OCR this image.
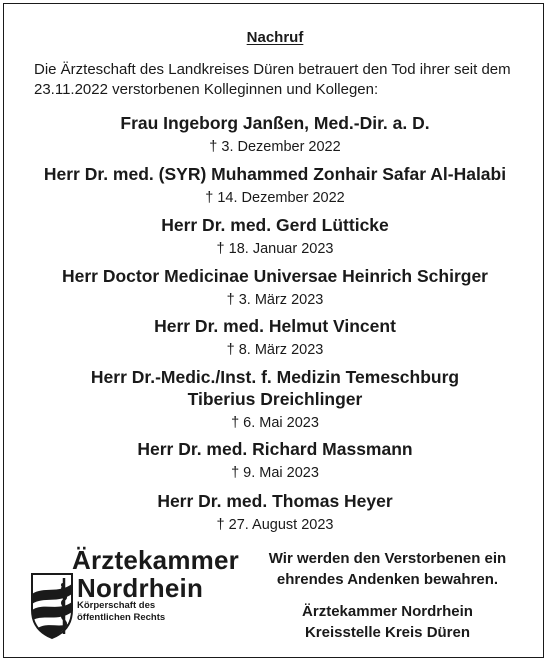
Nachruf
Die Ärzteschaft des Landkreises Düren betrauert den Tod ihrer seit dem 23.11.2022 verstorbenen Kolleginnen und Kollegen:
Frau Ingeborg Janßen, Med.-Dir. a. D.
† 3. Dezember 2022
Herr Dr. med. (SYR) Muhammed Zonhair Safar Al-Halabi
† 14. Dezember 2022
Herr Dr. med. Gerd Lütticke
† 18. Januar 2023
Herr Doctor Medicinae Universae Heinrich Schirger
† 3. März 2023
Herr Dr. med. Helmut Vincent
† 8. März 2023
Herr Dr.-Medic./Inst. f. Medizin Temeschburg
Tiberius Dreichlinger
† 6. Mai 2023
Herr Dr. med. Richard Massmann
† 9. Mai 2023
Herr Dr. med. Thomas Heyer
† 27. August 2023
Ärztekammer
Nordrhein
Körperschaft des
öffentlichen Rechts
Wir werden den Verstorbenen ein
ehrendes Andenken bewahren.
Ärztekammer Nordrhein
Kreisstelle Kreis Düren
